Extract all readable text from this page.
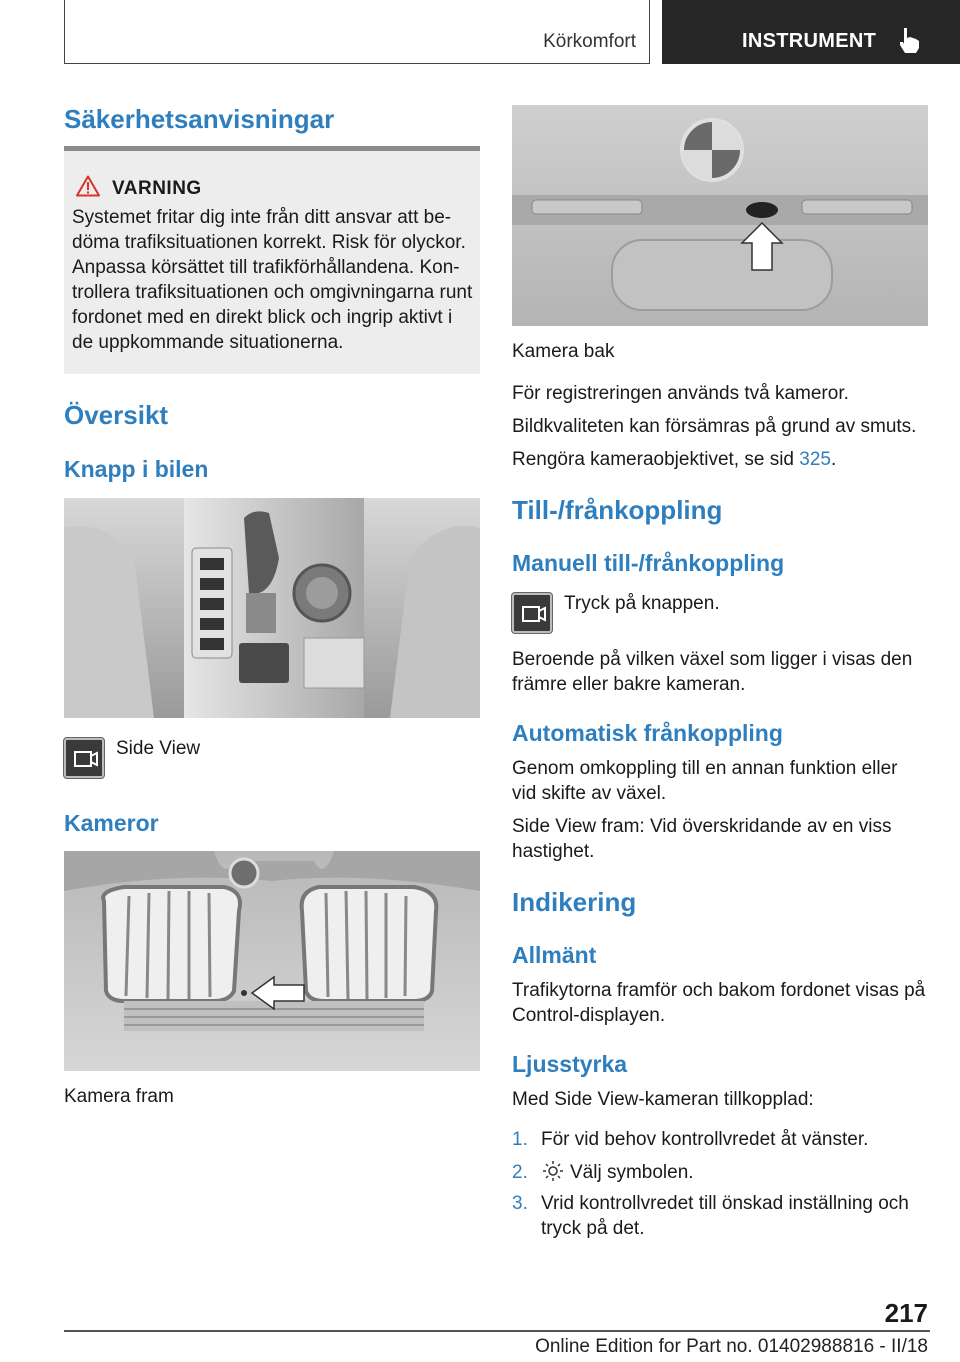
Körkomfort	INSTRUMENT
Säkerhetsanvisningar
VARNING
Systemet fritar dig inte från ditt ansvar att be-
döma trafiksituationen korrekt. Risk för olyckor.
Anpassa körsättet till trafikförhållandena. Kon-
trollera trafiksituationen och omgivningarna runt
fordonet med en direkt blick och ingrip aktivt i
de uppkommande situationerna.
Översikt
Knapp i bilen
Side View
Kameror
Kamera fram
Kamera bak
För registreringen används två kameror.
Bildkvaliteten kan försämras på grund av smuts.
Rengöra kameraobjektivet, se sid 325.
Till-/frånkoppling
Manuell till-/frånkoppling
Tryck på knappen.
Beroende på vilken växel som ligger i visas den
främre eller bakre kameran.
Automatisk frånkoppling
Genom omkoppling till en annan funktion eller
vid skifte av växel.
Side View fram: Vid överskridande av en viss
hastighet.
Indikering
Allmänt
Trafikytorna framför och bakom fordonet visas på
Control-displayen.
Ljusstyrka
Med Side View-kameran tillkopplad:
1. För vid behov kontrollvredet åt vänster.
2. Välj symbolen.
3. Vrid kontrollvredet till önskad inställning och
tryck på det.
217
Online Edition for Part no. 01402988816 - II/18
